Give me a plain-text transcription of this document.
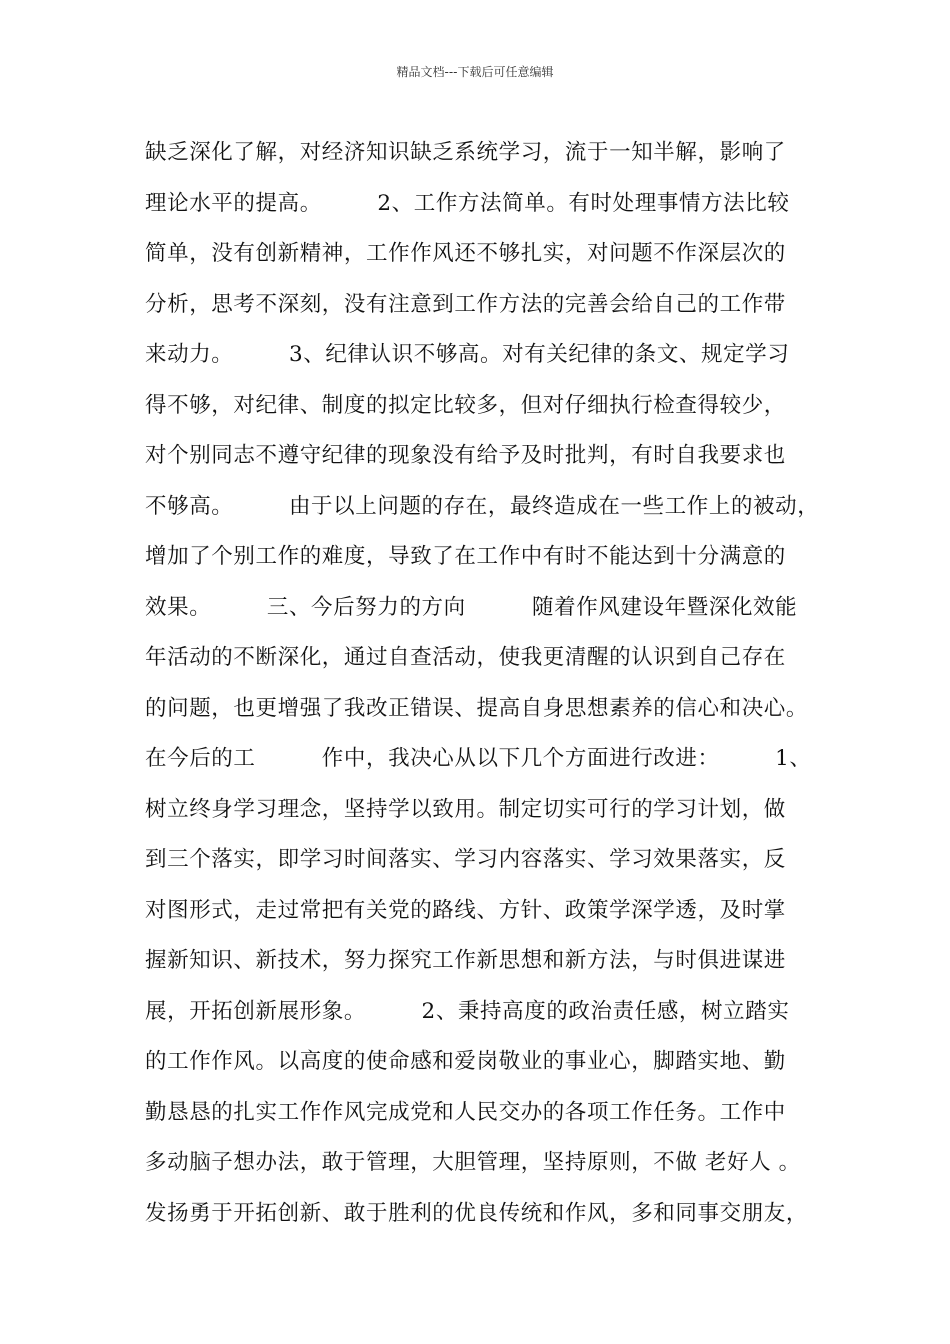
精品文档---下载后可任意编辑
缺乏深化了解，对经济知识缺乏系统学习，流于一知半解，影响了
理论水平的提高。　　　2、工作方法简单。有时处理事情方法比较
简单，没有创新精神，工作作风还不够扎实，对问题不作深层次的
分析，思考不深刻，没有注意到工作方法的完善会给自己的工作带
来动力。　　　3、纪律认识不够高。对有关纪律的条文、规定学习
得不够，对纪律、制度的拟定比较多，但对仔细执行检查得较少，
对个别同志不遵守纪律的现象没有给予及时批判，有时自我要求也
不够高。　　　由于以上问题的存在，最终造成在一些工作上的被动，
增加了个别工作的难度，导致了在工作中有时不能达到十分满意的
效果。　　　三、今后努力的方向　　　随着作风建设年暨深化效能
年活动的不断深化，通过自查活动，使我更清醒的认识到自己存在
的问题，也更增强了我改正错误、提高自身思想素养的信心和决心。
在今后的工　　　作中，我决心从以下几个方面进行改进：　　　1、
树立终身学习理念，坚持学以致用。制定切实可行的学习计划，做
到三个落实，即学习时间落实、学习内容落实、学习效果落实，反
对图形式，走过常把有关党的路线、方针、政策学深学透，及时掌
握新知识、新技术，努力探究工作新思想和新方法，与时俱进谋进
展，开拓创新展形象。　　　2、秉持高度的政治责任感，树立踏实
的工作作风。以高度的使命感和爱岗敬业的事业心，脚踏实地、勤
勤恳恳的扎实工作作风完成党和人民交办的各项工作任务。工作中
多动脑子想办法，敢于管理，大胆管理，坚持原则，不做 老好人 。
发扬勇于开拓创新、敢于胜利的优良传统和作风，多和同事交朋友，
